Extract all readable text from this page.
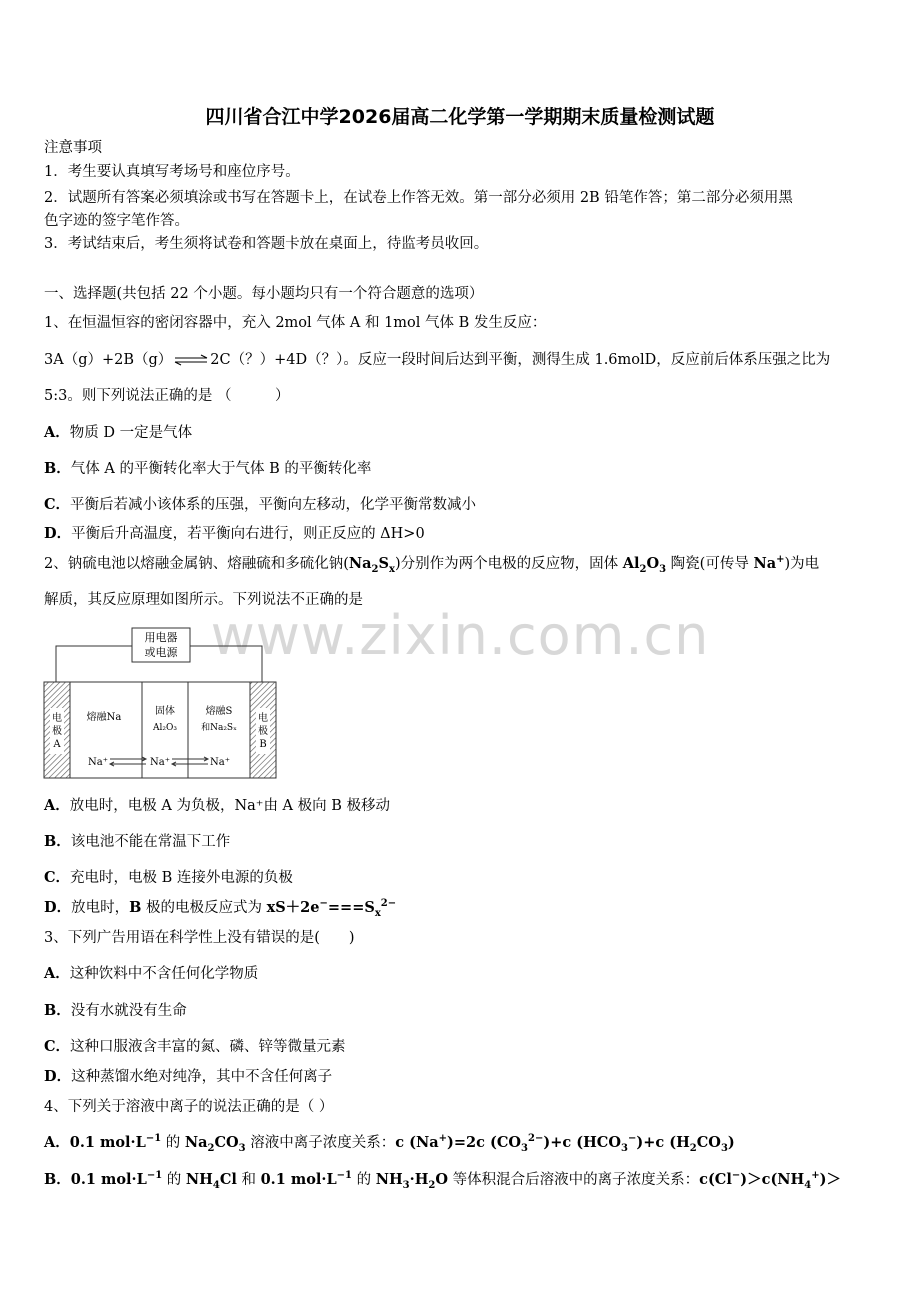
四川省合江中学2026届高二化学第一学期期末质量检测试题
注意事项
1．考生要认真填写考场号和座位序号。
2．试题所有答案必须填涂或书写在答题卡上，在试卷上作答无效。第一部分必须用 2B 铅笔作答；第二部分必须用黑
色字迹的签字笔作答。
3．考试结束后，考生须将试卷和答题卡放在桌面上，待监考员收回。
一、选择题(共包括 22 个小题。每小题均只有一个符合题意的选项）
1、在恒温恒容的密闭容器中，充入 2mol 气体 A 和 1mol 气体 B 发生反应：
3A（g）+2B（g）⇌2C（？）+4D（？）。反应一段时间后达到平衡，测得生成 1.6molD，反应前后体系压强之比为
5:3。则下列说法正确的是 （　　　）
A．物质 D 一定是气体
B．气体 A 的平衡转化率大于气体 B 的平衡转化率
C．平衡后若减小该体系的压强，平衡向左移动，化学平衡常数减小
D．平衡后升高温度，若平衡向右进行，则正反应的 ΔH>0
2、钠硫电池以熔融金属钠、熔融硫和多硫化钠$(Na_2S_x)$分别作为两个电极的反应物，固体 $Al_2O_3$ 陶瓷(可传导 Na+)为电
解质，其反应原理如图所示。下列说法不正确的是
www.zixin.com.cn
用电器
或电源
电
极
A
电
极
B
熔融Na
固体
Al₂O₃
熔融S
和Na₂Sₓ
Na⁺	Na⁺	Na⁺
A．放电时，电极 A 为负极，Na⁺由 A 极向 B 极移动
B．该电池不能在常温下工作
C．充电时，电极 B 连接外电源的负极
D．放电时，B 极的电极反应式为 $xS+2e^-===S_x^{2-}$
3、下列广告用语在科学性上没有错误的是(　　)
A．这种饮料中不含任何化学物质
B．没有水就没有生命
C．这种口服液含丰富的氮、磷、锌等微量元素
D．这种蒸馏水绝对纯净，其中不含任何离子
4、下列关于溶液中离子的说法正确的是（ ）
A．0.1 $mol\cdot L^{-1}$ 的 $Na_2CO_3$ 溶液中离子浓度关系：c (Na+)=2c $(CO_3^{2-})+c$ $(HCO_3^-)+c$ $(H_2CO_3)$
B．0.1 $mol\cdot L^{-1}$ 的 $NH_4Cl$ 和 0.1 $mol\cdot L^{-1}$ 的 $NH_3\cdot H_2O$ 等体积混合后溶液中的离子浓度关系：$c(Cl^-)>c(NH_4^+)>$
